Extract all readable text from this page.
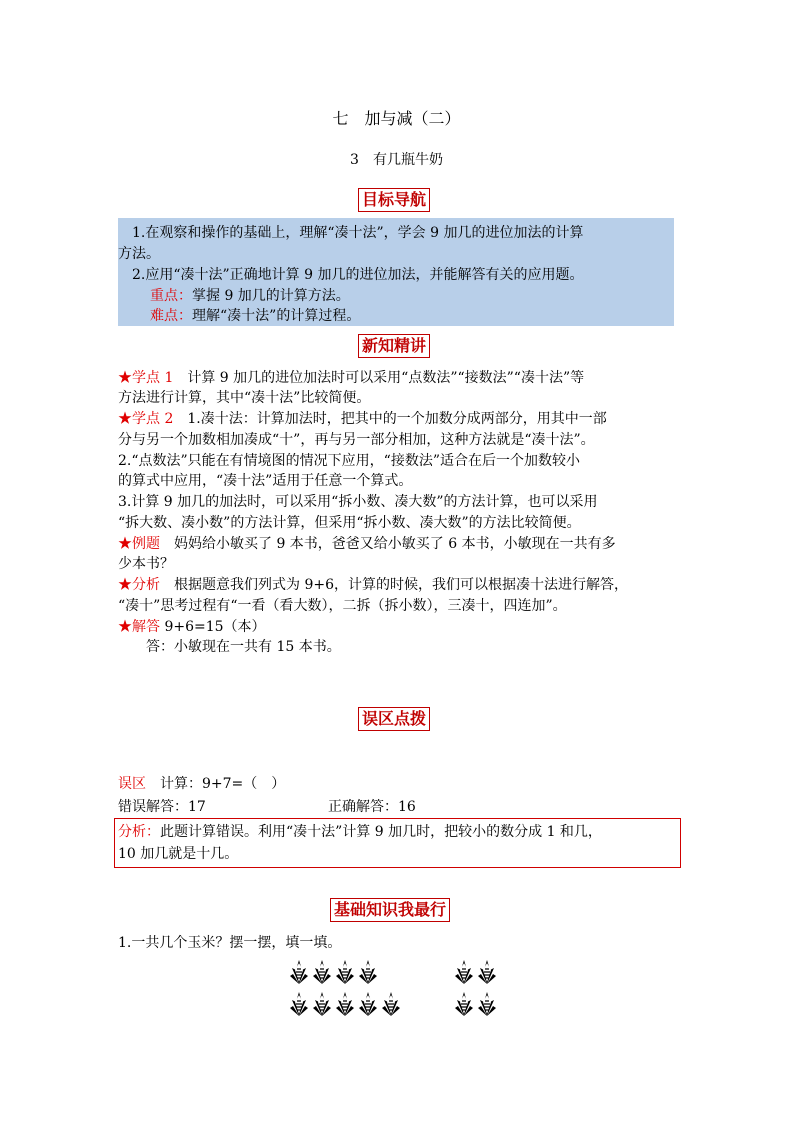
七　加与减（二）
3　有几瓶牛奶
目标导航
　1.在观察和操作的基础上，理解“凑十法”，学会 9 加几的进位加法的计算
方法。
　2.应用“凑十法”正确地计算 9 加几的进位加法，并能解答有关的应用题。
重点：掌握 9 加几的计算方法。
难点：理解“凑十法”的计算过程。
新知精讲
★学点 1　计算 9 加几的进位加法时可以采用“点数法”“接数法”“凑十法”等
方法进行计算，其中“凑十法”比较简便。
★学点 2　1.凑十法：计算加法时，把其中的一个加数分成两部分，用其中一部
分与另一个加数相加凑成“十”，再与另一部分相加，这种方法就是“凑十法”。
2.“点数法”只能在有情境图的情况下应用，“接数法”适合在后一个加数较小
的算式中应用，“凑十法”适用于任意一个算式。
3.计算 9 加几的加法时，可以采用“拆小数、凑大数”的方法计算，也可以采用
“拆大数、凑小数”的方法计算，但采用“拆小数、凑大数”的方法比较简便。
★例题　妈妈给小敏买了 9 本书，爸爸又给小敏买了 6 本书，小敏现在一共有多
少本书？
★分析　根据题意我们列式为 9+6，计算的时候，我们可以根据凑十法进行解答，
“凑十”思考过程有“一看（看大数），二拆（拆小数），三凑十，四连加”。
★解答 9+6=15（本）
答：小敏现在一共有 15 本书。
误区点拨
误区　计算：9+7=（　）
错误解答：17	正确解答：16
分析：此题计算错误。利用“凑十法”计算 9 加几时，把较小的数分成 1 和几，
10 加几就是十几。
基础知识我最行
1.一共几个玉米？摆一摆，填一填。
